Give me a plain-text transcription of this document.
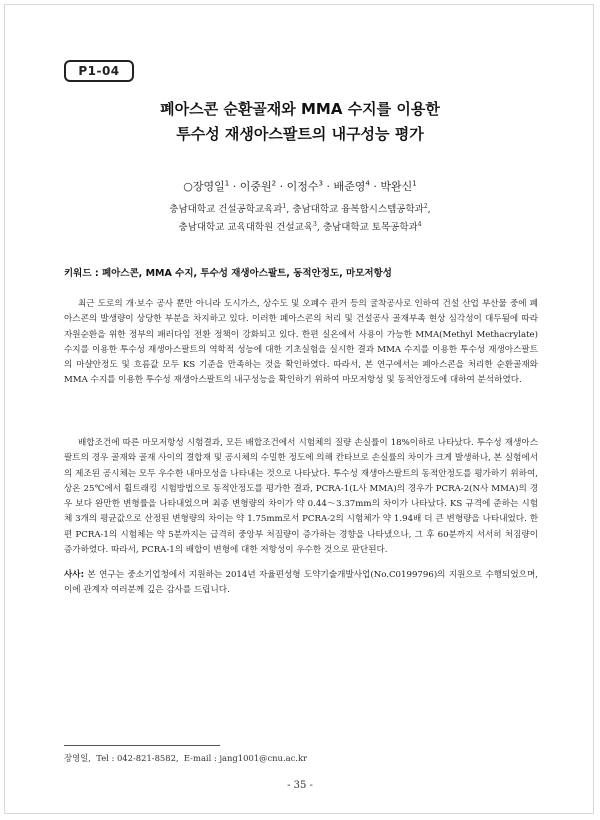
P1-04
폐아스콘 순환골재와 MMA 수지를 이용한
투수성 재생아스팔트의 내구성능 평가
○장영일$^1$ · 이중원$^2$ · 이정수$^3$ · 배준영$^4$ · 박완신$^1$
충남대학교 건설공학교육과$^1$, 충남대학교 융복합시스템공학과$^2$,
충남대학교 교육대학원 건설교육$^3$, 충남대학교 토목공학과$^4$
키워드 : 폐아스콘, MMA 수지, 투수성 재생아스팔트, 동적안정도, 마모저항성
최근 도로의 개·보수 공사 뿐만 아니라 도시가스, 상수도 및 오폐수 관거 등의 굴착공사로 인하여 건설 산업 부산물 중에 폐아스콘의 발생량이 상당한 부분을 차지하고 있다. 이러한 폐아스콘의 처리 및 건설공사 골재부족 현상 심각성이 대두됨에 따라 자원순환을 위한 정부의 패러다임 전환 정책이 강화되고 있다. 한편 실온에서 사용이 가능한 MMA(Methyl Methacrylate) 수지를 이용한 투수성 재생아스팔트의 역학적 성능에 대한 기초실험을 실시한 결과 MMA 수지를 이용한 투수성 재생아스팔트의 마샬안정도 및 흐름값 모두 KS 기준을 만족하는 것을 확인하였다. 따라서, 본 연구에서는 폐아스콘을 처리한 순환골재와 MMA 수지를 이용한 투수성 재생아스팔트의 내구성능을 확인하기 위하여 마모저항성 및 동적안정도에 대하여 분석하였다.
배합조건에 따른 마모저항성 시험결과, 모든 배합조건에서 시험체의 질량 손실률이 18%이하로 나타났다. 투수성 재생아스팔트의 경우 골재와 골재 사이의 결합재 및 공시체의 수밀한 정도에 의해 칸타브로 손실률의 차이가 크게 발생하나, 본 실험에서의 제조된 공시체는 모두 우수한 내마모성을 나타내는 것으로 나타났다. 투수성 재생아스팔트의 동적안정도를 평가하기 위하여, 상온 25℃에서 휠트래킹 시험방법으로 동적안정도를 평가한 결과, PCRA-1(L사 MMA)의 경우가 PCRA-2(N사 MMA)의 경우 보다 완만한 변형률을 나타내었으며 최종 변형량의 차이가 약 0.44～3.37mm의 차이가 나타났다. KS 규격에 준하는 시험체 3개의 평균값으로 산정된 변형량의 차이는 약 1.75mm로서 PCRA-2의 시험체가 약 1.94배 더 큰 변형량을 나타내었다. 한편 PCRA-1의 시험체는 약 5분까지는 급격히 중앙부 처짐량이 증가하는 경향을 나타냈으나, 그 후 60분까지 서서히 처짐량이 증가하였다. 따라서, PCRA-1의 배합이 변형에 대한 저항성이 우수한 것으로 판단된다.
사사: 본 연구는 중소기업청에서 지원하는 2014년 자율편성형 도약기술개발사업(No.C0199796)의 지원으로 수행되었으며, 이에 관계자 여러분께 깊은 감사를 드립니다.
장영일,  Tel : 042-821-8582,  E-mail : jang1001@cnu.ac.kr
- 35 -
